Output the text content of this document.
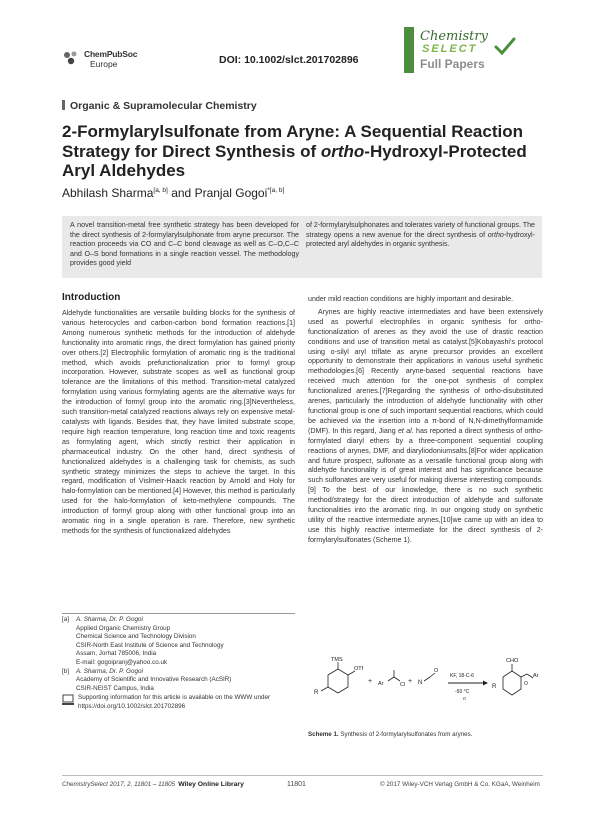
ChemPubSoc
Europe	DOI: 10.1002/slct.201702896
Chemistry
SELECT
Full Papers
Organic & Supramolecular Chemistry
2-Formylarylsulfonate from Aryne: A Sequential Reaction Strategy for Direct Synthesis of ortho-Hydroxyl-Protected Aryl Aldehydes
Abhilash Sharma[a, b] and Pranjal Gogoi$^{*[a, b]}$
A novel transition-metal free synthetic strategy has been developed for the direct synthesis of 2-formylarylsulphonate from aryne precursor. The reaction proceeds via CO and C–C bond cleavage as well as C–O,C–C and O–S bond formations in a single reaction vessel. The methodology provides good yield
of 2-formylarylsulphonates and tolerates variety of functional groups. The strategy opens a new avenue for the direct synthesis of ortho-hydroxyl-protected aryl aldehydes in organic synthesis.
Introduction

Aldehyde functionalities are versatile building blocks for the synthesis of various heterocycles and carbon-carbon bond formation reactions.[1] Among numerous synthetic methods for the introduction of aldehyde functionality into aromatic rings, the direct formylation has gained priority over others.[2] Electrophilic formylation of aromatic ring is the traditional method, which avoids prefunctionalization prior to formyl group incorporation. However, substrate scopes as well as functional group tolerance are the limitations of this method. Transition-metal catalyzed formylation using various formylating agents are the alternative ways for the introduction of formyl group into the aromatic ring.[3]Nevertheless, such transition-metal catalyzed reactions always rely on expensive metal-catalysts with ligands. Besides that, they have limited substrate scope, require high reaction temperature, long reaction time and toxic reagents as formylating agent, which strictly restrict their application in pharmaceutical industry. On the other hand, direct synthesis of functionalized aldehydes is a challenging task for chemists, as such synthetic strategy minimizes the steps to achieve the target. In this regard, modification of Vislmeir-Haack reaction by Arnold and Holy for halo-formylation can be mentioned.[4] However, this method is particularly used for the halo-formylation of keto-methylene compounds. The introduction of formyl group along with other functional group into an aromatic ring in a single operation is rare. Therefore, new synthetic methods for the synthesis of functionalized aldehydes

under mild reaction conditions are highly important and desirable.

Arynes are highly reactive intermediates and have been extensively used as powerful electrophiles in organic synthesis for ortho-functionalization of arenes as they avoid the use of drastic reaction conditions and use of transition metal as catalyst.[5]Kobayashi's protocol using o-silyl aryl triflate as aryne precursor provides an excellent opportunity to demonstrate their applications in various useful synthetic methodologies.[6] Recently aryne-based sequential reactions have received much attention for the one-pot synthesis of complex functionalized arenes.[7]Regarding the synthesis of ortho-disubstituted arenes, particularly the introduction of aldehyde functionality with other functional group is one of such important sequential reactions, which could be achieved via the insertion into a π-bond of N,N-dimethylformamide (DMF). In this regard, Jiang et al. has reported a direct synthesis of ortho-formylated diaryl ethers by a three-component sequential coupling reactions of arynes, DMF, and diaryliodoniumsalts.[8]For wider application and future prospect, sulfonate as a versatile functional group along with aldehyde functionality is of great interest and has significance because such sulfonates are very useful for making diverse interesting compounds.[9] To the best of our knowledge, there is no such synthetic method/strategy for the direct introduction of aldehyde and sulfonate functionalities into the aromatic ring. In our ongoing study on synthetic utility of the reactive intermediate arynes,[10]we came up with an idea to use this highly reactive intermediate for the direct synthesis of 2-formylarylsulfonates (Scheme 1).

[a]	A. Sharma, Dr. P. Gogoi
Applied Organic Chemistry Group
Chemical Science and Technology Division
CSIR-North East Institute of Science and Technology
Assam, Jorhat 785006, India
E-mail: gogoipranj@yahoo.co.uk
[b]	A. Sharma, Dr. P. Gogoi
Academy of Scientific and Innovative Research (AcSIR)
CSIR-NEIST Campus, India
Supporting information for this article is available on the WWW under https://doi.org/10.1002/slct.201702896
TMS
OTf
R
+ Ar	Cl + N
O
KF, 18-C-6
-50 °C
rt
R
CHO
O
Ar
Scheme 1. Synthesis of 2-formylarylsulfonates from arynes.
ChemistrySelect 2017, 2, 11801 – 11805 Wiley Online Library	11801	© 2017 Wiley-VCH Verlag GmbH & Co. KGaA, Weinheim
